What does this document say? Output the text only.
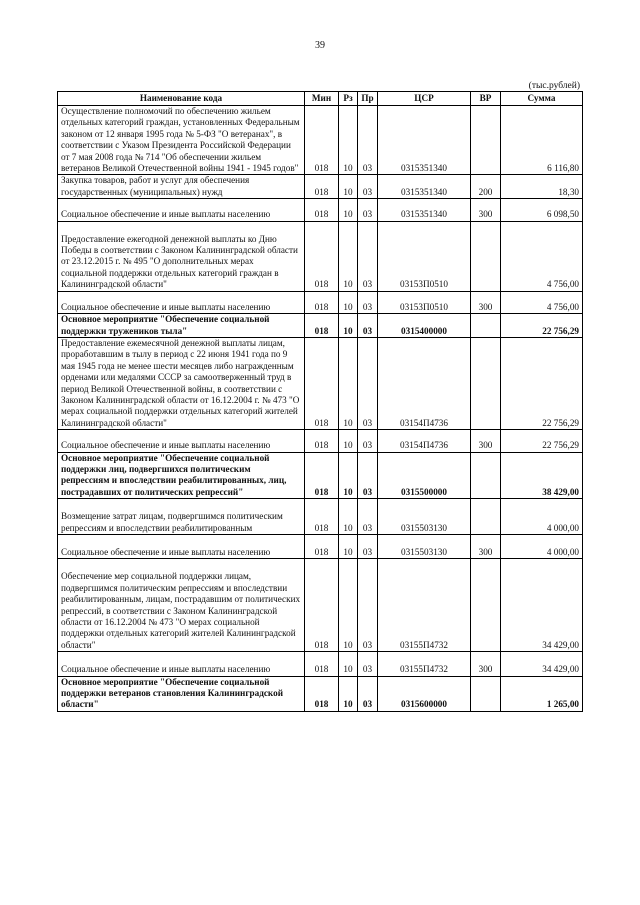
39
(тыс.рублей)
Наименование кода	Мин	Рз	Пр	ЦСР	ВР	Сумма
Осуществление полномочий по обеспечению жильем отдельных категорий граждан, установленных Федеральным законом от 12 января 1995 года № 5-ФЗ "О ветеранах", в соответствии с Указом Президента Российской Федерации от 7 мая 2008 года № 714 "Об обеспечении жильем ветеранов Великой Отечественной войны 1941 - 1945 годов"	018	10	03	0315351340		6 116,80
Закупка товаров, работ и услуг для обеспечения государственных (муниципальных) нужд	018	10	03	0315351340	200	18,30
Социальное обеспечение и иные выплаты населению	018	10	03	0315351340	300	6 098,50
Предоставление ежегодной денежной выплаты ко Дню Победы в соответствии с Законом Калининградской области от 23.12.2015 г. № 495 "О дополнительных мерах социальной поддержки отдельных категорий граждан в Калининградской области"	018	10	03	03153П0510		4 756,00
Социальное обеспечение и иные выплаты населению	018	10	03	03153П0510	300	4 756,00
Основное мероприятие "Обеспечение социальной поддержки тружеников тыла"	018	10	03	0315400000		22 756,29
Предоставление ежемесячной денежной выплаты лицам, проработавшим в тылу в период с 22 июня 1941 года по 9 мая 1945 года не менее шести месяцев либо награжденным орденами или медалями СССР за самоотверженный труд в период Великой Отечественной войны, в соответствии с Законом Калининградской области от 16.12.2004 г. № 473 "О мерах социальной поддержки отдельных категорий жителей Калининградской области"	018	10	03	03154П4736		22 756,29
Социальное обеспечение и иные выплаты населению	018	10	03	03154П4736	300	22 756,29
Основное мероприятие "Обеспечение социальной поддержки лиц, подвергшихся политическим репрессиям и впоследствии реабилитированных, лиц, пострадавших от политических репрессий"	018	10	03	0315500000		38 429,00
Возмещение затрат лицам, подвергшимся политическим репрессиям и впоследствии реабилитированным	018	10	03	0315503130		4 000,00
Социальное обеспечение и иные выплаты населению	018	10	03	0315503130	300	4 000,00
Обеспечение мер социальной поддержки лицам, подвергшимся политическим репрессиям и впоследствии реабилитированным, лицам, пострадавшим от политических репрессий, в соответствии с Законом Калининградской области от 16.12.2004 № 473 "О мерах социальной поддержки отдельных категорий жителей Калининградской области"	018	10	03	03155П4732		34 429,00
Социальное обеспечение и иные выплаты населению	018	10	03	03155П4732	300	34 429,00
Основное мероприятие "Обеспечение социальной поддержки ветеранов становления Калининградской области"	018	10	03	0315600000		1 265,00
